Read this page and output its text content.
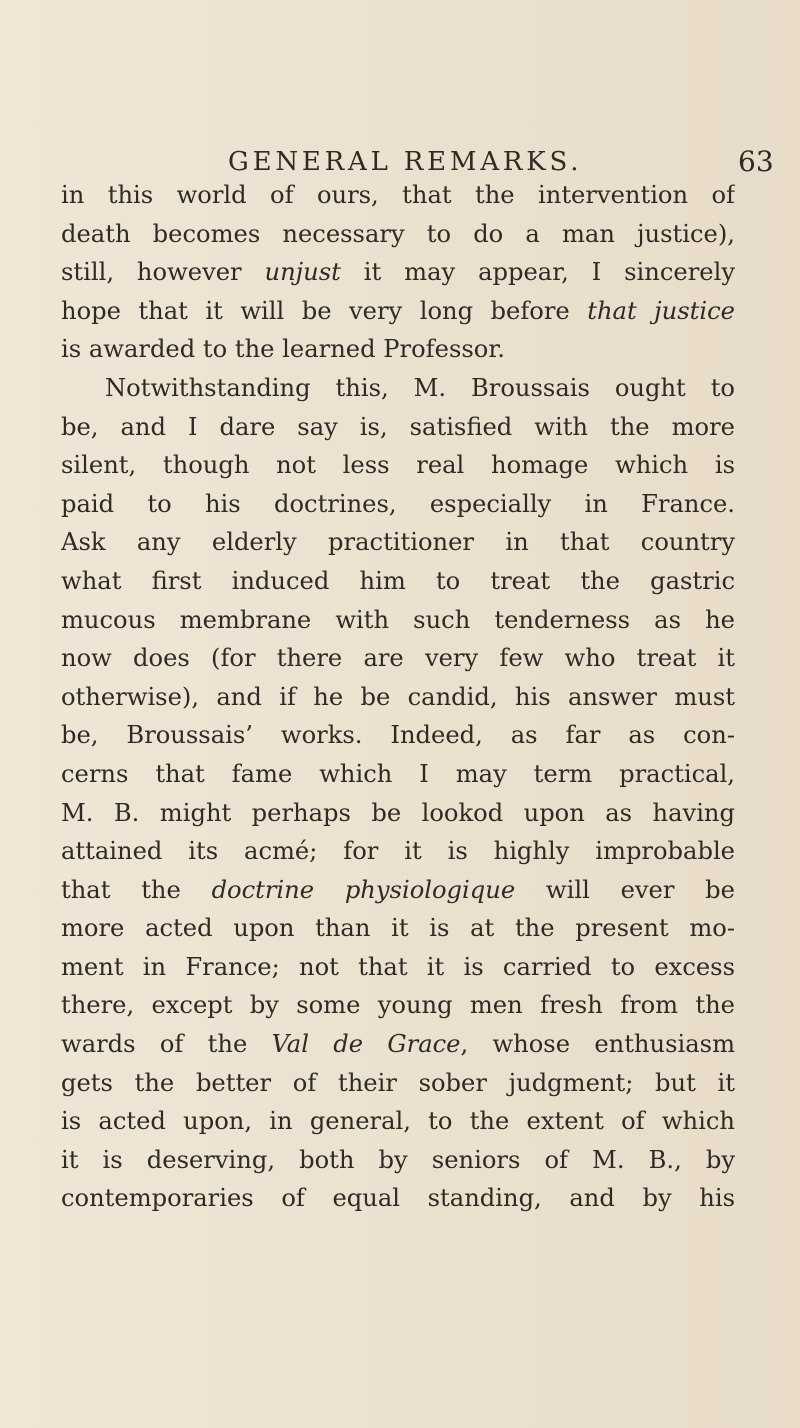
GENERAL REMARKS.	63
in this world of ours, that the intervention of
death becomes necessary to do a man justice),
still, however unjust it may appear, I sincerely
hope that it will be very long before that justice
is awarded to the learned Professor.
Notwithstanding this, M. Broussais ought to
be, and I dare say is, satisfied with the more
silent, though not less real homage which is
paid to his doctrines, especially in France.
Ask any elderly practitioner in that country
what first induced him to treat the gastric
mucous membrane with such tenderness as he
now does (for there are very few who treat it
otherwise), and if he be candid, his answer must
be, Broussais’ works. Indeed, as far as con-
cerns that fame which I may term practical,
M. B. might perhaps be lookod upon as having
attained its acmé; for it is highly improbable
that the doctrine physiologique will ever be
more acted upon than it is at the present mo-
ment in France; not that it is carried to excess
there, except by some young men fresh from the
wards of the Val de Grace, whose enthusiasm
gets the better of their sober judgment; but it
is acted upon, in general, to the extent of which
it is deserving, both by seniors of M. B., by
contemporaries of equal standing, and by his
